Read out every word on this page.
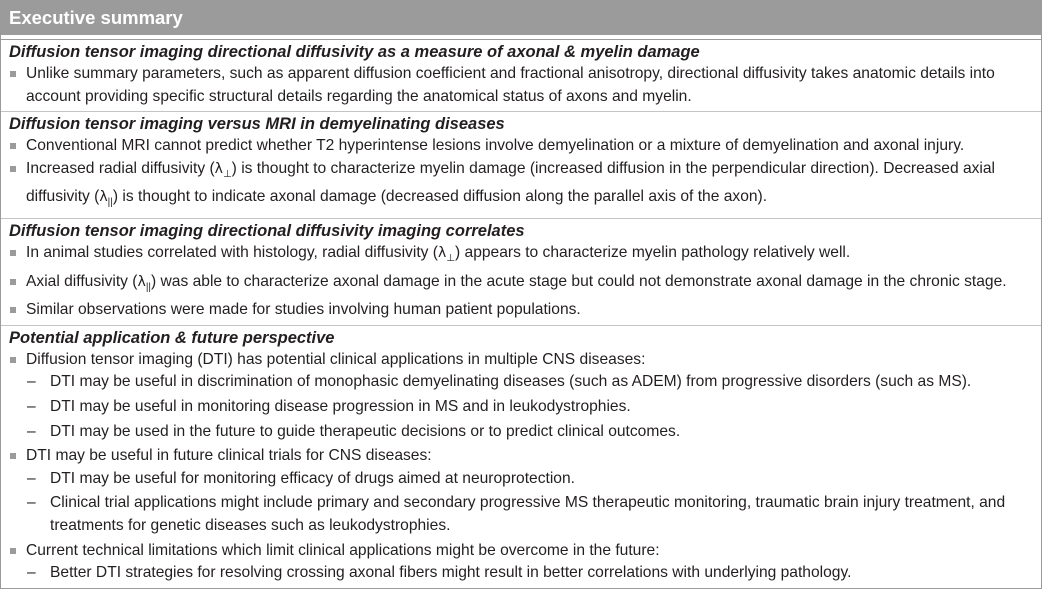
Executive summary
Diffusion tensor imaging directional diffusivity as a measure of axonal & myelin damage
Unlike summary parameters, such as apparent diffusion coefficient and fractional anisotropy, directional diffusivity takes anatomic details into account providing specific structural details regarding the anatomical status of axons and myelin.
Diffusion tensor imaging versus MRI in demyelinating diseases
Conventional MRI cannot predict whether T2 hyperintense lesions involve demyelination or a mixture of demyelination and axonal injury.
Increased radial diffusivity $(\lambda_\perp)$ is thought to characterize myelin damage (increased diffusion in the perpendicular direction). Decreased axial diffusivity $(\lambda_{||})$ is thought to indicate axonal damage (decreased diffusion along the parallel axis of the axon).
Diffusion tensor imaging directional diffusivity imaging correlates
In animal studies correlated with histology, radial diffusivity $(\lambda_\perp)$ appears to characterize myelin pathology relatively well.
Axial diffusivity $(\lambda_{||})$ was able to characterize axonal damage in the acute stage but could not demonstrate axonal damage in the chronic stage.
Similar observations were made for studies involving human patient populations.
Potential application & future perspective
Diffusion tensor imaging (DTI) has potential clinical applications in multiple CNS diseases:
– DTI may be useful in discrimination of monophasic demyelinating diseases (such as ADEM) from progressive disorders (such as MS).
– DTI may be useful in monitoring disease progression in MS and in leukodystrophies.
– DTI may be used in the future to guide therapeutic decisions or to predict clinical outcomes.
DTI may be useful in future clinical trials for CNS diseases:
– DTI may be useful for monitoring efficacy of drugs aimed at neuroprotection.
– Clinical trial applications might include primary and secondary progressive MS therapeutic monitoring, traumatic brain injury treatment, and treatments for genetic diseases such as leukodystrophies.
Current technical limitations which limit clinical applications might be overcome in the future:
– Better DTI strategies for resolving crossing axonal fibers might result in better correlations with underlying pathology.
